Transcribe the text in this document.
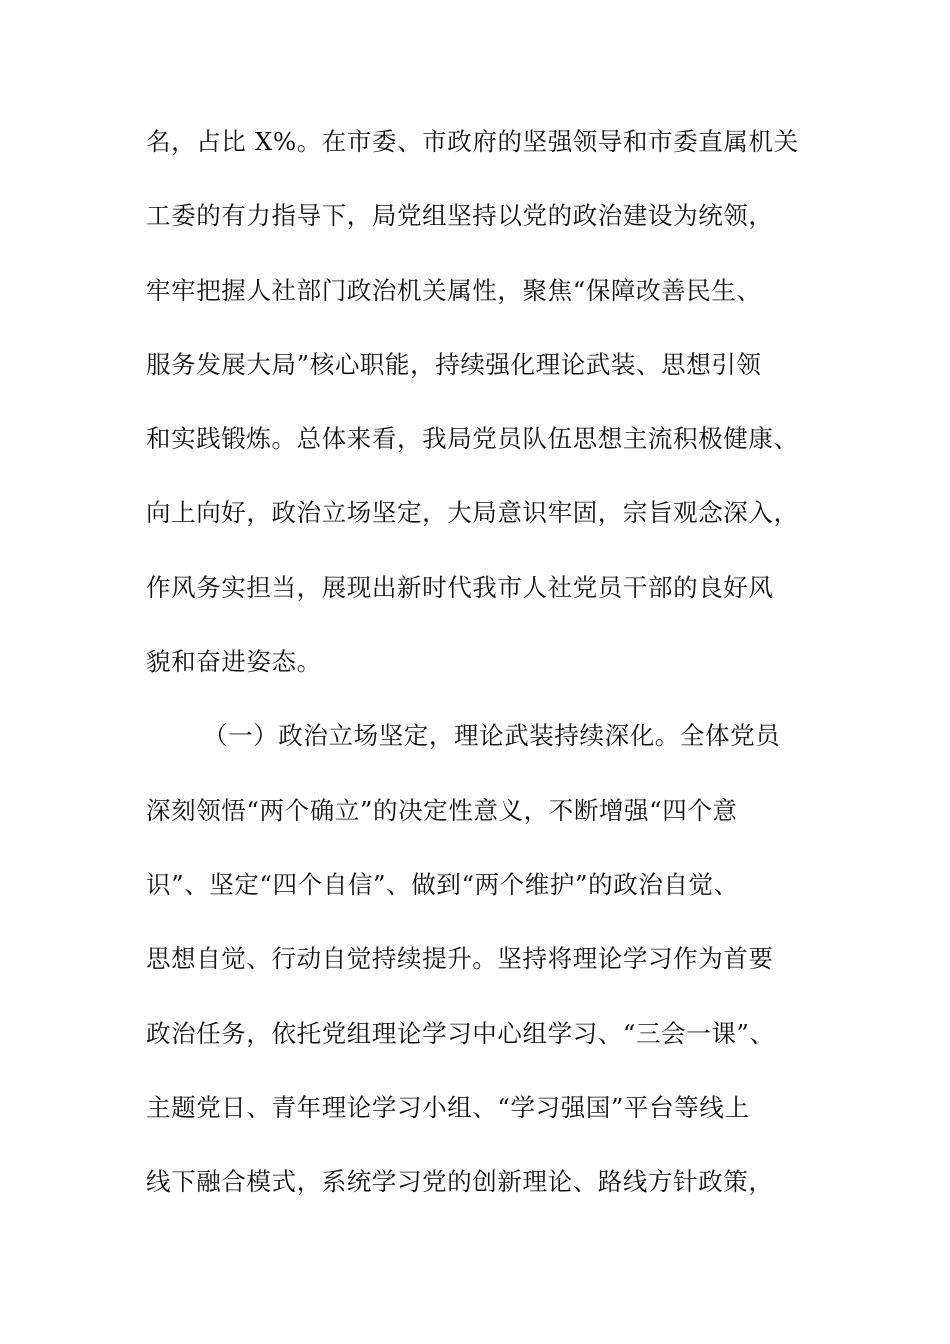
名，占比 X%。在市委、市政府的坚强领导和市委直属机关
工委的有力指导下，局党组坚持以党的政治建设为统领，
牢牢把握人社部门政治机关属性，聚焦“保障改善民生、
服务发展大局”核心职能，持续强化理论武装、思想引领
和实践锻炼。总体来看，我局党员队伍思想主流积极健康、
向上向好，政治立场坚定，大局意识牢固，宗旨观念深入，
作风务实担当，展现出新时代我市人社党员干部的良好风
貌和奋进姿态。
（一）政治立场坚定，理论武装持续深化。全体党员
深刻领悟“两个确立”的决定性意义，不断增强“四个意
识”、坚定“四个自信”、做到“两个维护”的政治自觉、
思想自觉、行动自觉持续提升。坚持将理论学习作为首要
政治任务，依托党组理论学习中心组学习、“三会一课”、
主题党日、青年理论学习小组、“学习强国”平台等线上
线下融合模式，系统学习党的创新理论、路线方针政策，
